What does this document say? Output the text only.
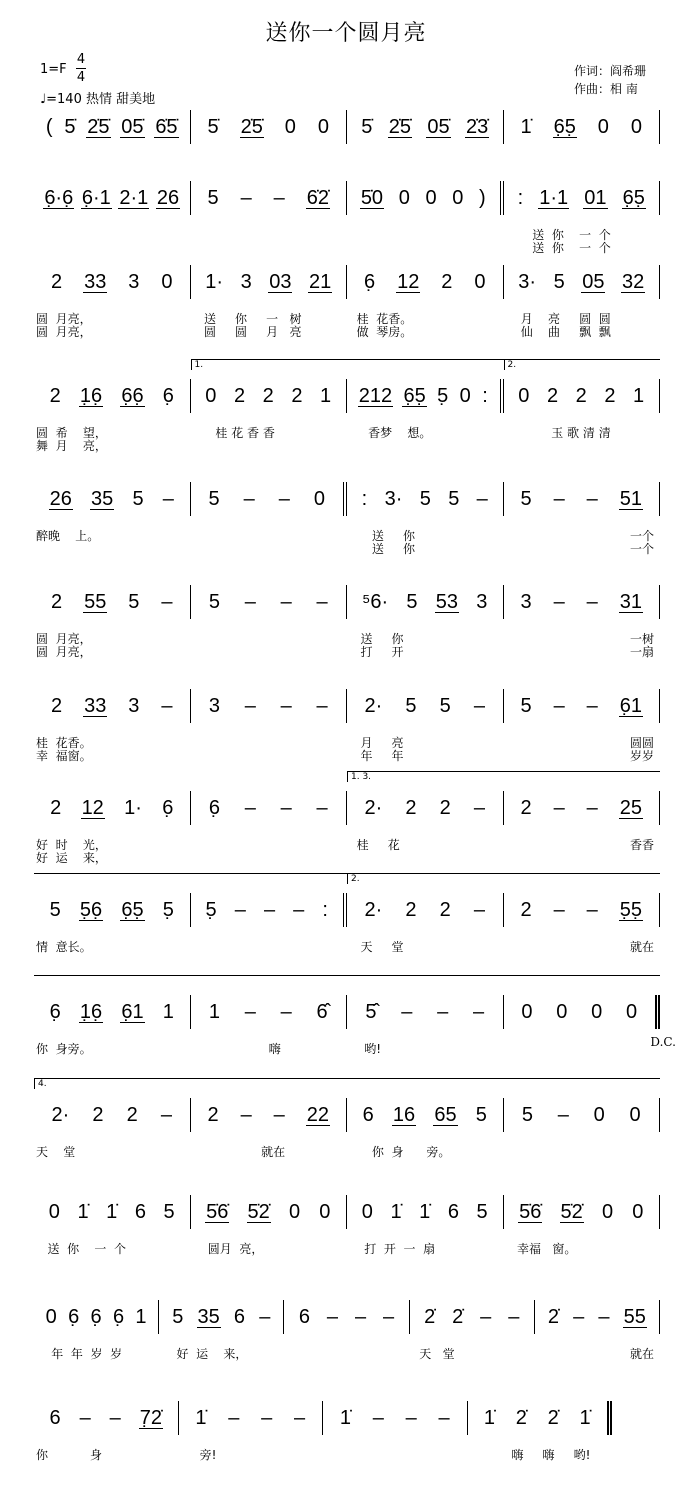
送你一个圆月亮
1=F
4
4
♩=140 热情 甜美地
作词：阎希珊
作曲：相 南
( 5̇ 2̇5̇ 05̇ 6̇5̇ 5̇ 2̇5̇ 0 0 5̇ 2̇5̇ 05̇ 2̇3̇ 1̇ 6̣5̣ 0 0
6̣·6̣ 6̣·1 2·1 26 5 – – 6̇2̇ 5̇0 0 0 0 ) : 1·1 01 6̣5̣
送  你    一  个
送  你    一  个
2 33 3 0
圆  月亮，
圆  月亮，
1· 3 03 21
送     你     一   树
圆     圆     月   亮
6̣ 12 2 0
桂  花香。
做  琴房。
3· 5 05 32
月    亮     圆  圆
仙    曲     飘  飘
2 1̣6̣ 6̣6̣ 6̣
圆  希    望，
舞  月    亮，
0 2 2 2 1
1.
桂 花 香 香
212 6̣5̣ 5̣ 0 :
香梦    想。
0 2 2 2 1
2.
玉 歌 清 清
26 35 5 –
醉晚    上。
5 – – 0 : 3· 5 5 –
送     你
送     你
5 – – 51
一个
一个
2 55 5 –
圆  月亮，
圆  月亮，
5 – – – ⁵6· 5 53 3
送     你
打     开
3 – – 31
一树
一扇
2 33 3 –
桂  花香。
幸  福窗。
3 – – – 2· 5 5 –
月     亮
年     年
5 – – 6̣1
圆圆
岁岁
2 12 1· 6̣
好  时    光，
好  运    来，
6̣ – – – 2· 2 2 –
1. 3.
桂     花
2 – – 25
香香
5 5̣6̣ 6̣5̣ 5̣
情  意长。
5̣ – – – : 2· 2 2 –
2.
天     堂
2 – – 5̣5̣
就在
6̣ 1̣6̣ 6̣1 1
你  身旁。
1 – – 6̂
嗨
5̂ – – –
哟!
0 0 0 0
D.C.
2· 2 2 –
4.
天    堂
2 – – 22
就在
6 16 65 5
你  身      旁。
5 – 0 0
0 1̇ 1̇ 6 5
送  你    一  个
5̇6̇ 5̇2̇ 0 0
圆月  亮，
0 1̇ 1̇ 6 5
打  开  一  扇
5̇6̇ 5̇2̇ 0 0
幸福   窗。
0 6̣ 6̣ 6̣ 1
年  年  岁  岁
5 35 6 –
好  运    来，
6 – – – 2̇ 2̇ – –
天   堂
2̇ – – 55
就在
6 – – 7̣2̇
你           身
1̇ – – –
旁!
1̇ – – – 1̇ 2̇ 2̇ 1̇
嗨     嗨     哟!
